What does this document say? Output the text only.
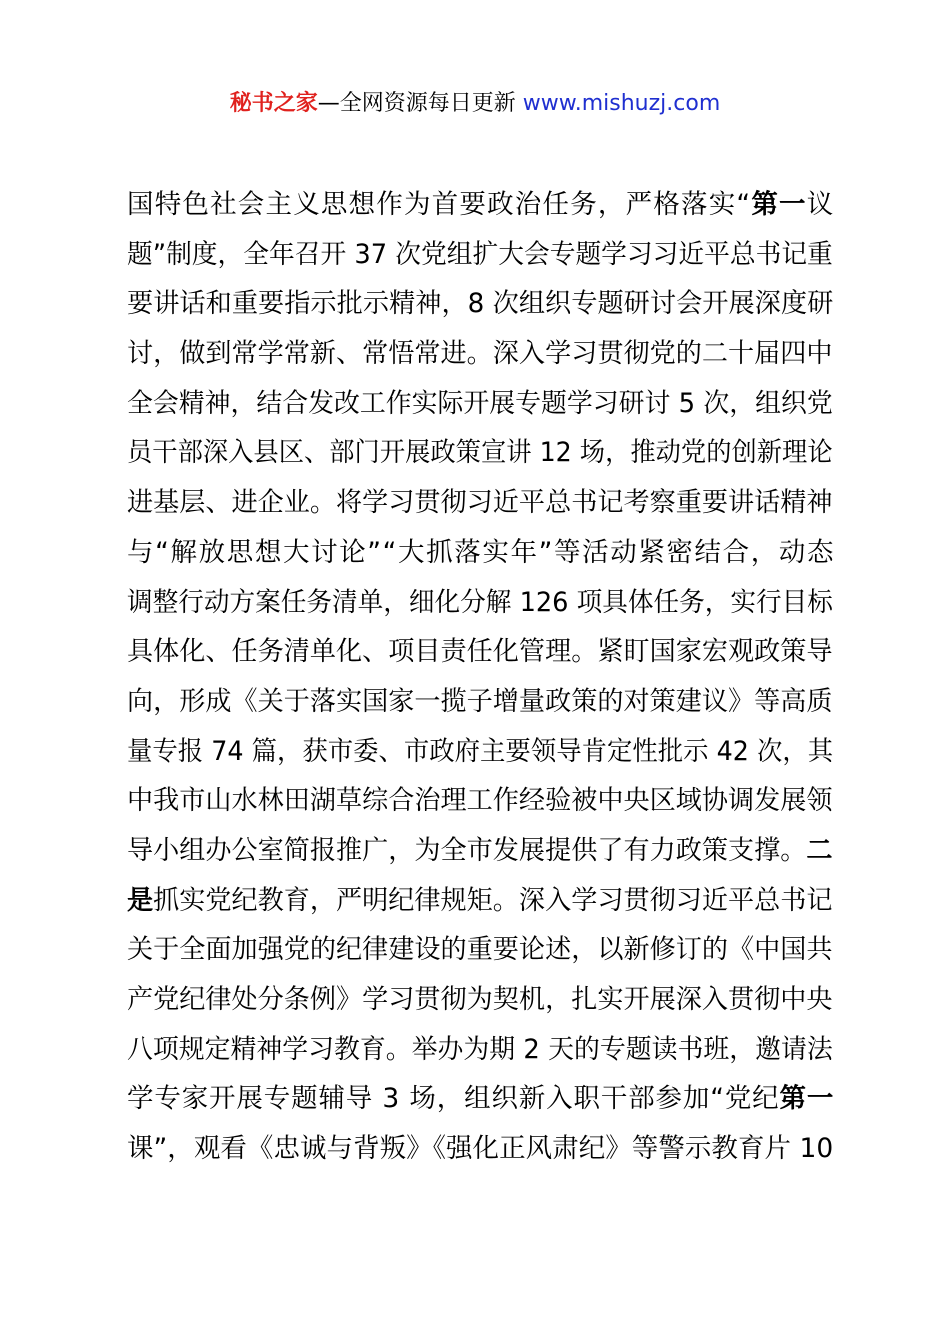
秘书之家—全网资源每日更新 www.mishuzj.com
国特色社会主义思想作为首要政治任务，严格落实“第一议
题”制度，全年召开 37 次党组扩大会专题学习习近平总书记重
要讲话和重要指示批示精神，8 次组织专题研讨会开展深度研
讨，做到常学常新、常悟常进。深入学习贯彻党的二十届四中
全会精神，结合发改工作实际开展专题学习研讨 5 次，组织党
员干部深入县区、部门开展政策宣讲 12 场，推动党的创新理论
进基层、进企业。将学习贯彻习近平总书记考察重要讲话精神
与“解放思想大讨论”“大抓落实年”等活动紧密结合，动态
调整行动方案任务清单，细化分解 126 项具体任务，实行目标
具体化、任务清单化、项目责任化管理。紧盯国家宏观政策导
向，形成《关于落实国家一揽子增量政策的对策建议》等高质
量专报 74 篇，获市委、市政府主要领导肯定性批示 42 次，其
中我市山水林田湖草综合治理工作经验被中央区域协调发展领
导小组办公室简报推广，为全市发展提供了有力政策支撑。二
是抓实党纪教育，严明纪律规矩。深入学习贯彻习近平总书记
关于全面加强党的纪律建设的重要论述，以新修订的《中国共
产党纪律处分条例》学习贯彻为契机，扎实开展深入贯彻中央
八项规定精神学习教育。举办为期 2 天的专题读书班，邀请法
学专家开展专题辅导 3 场，组织新入职干部参加“党纪第一
课”，观看《忠诚与背叛》《强化正风肃纪》等警示教育片 10
